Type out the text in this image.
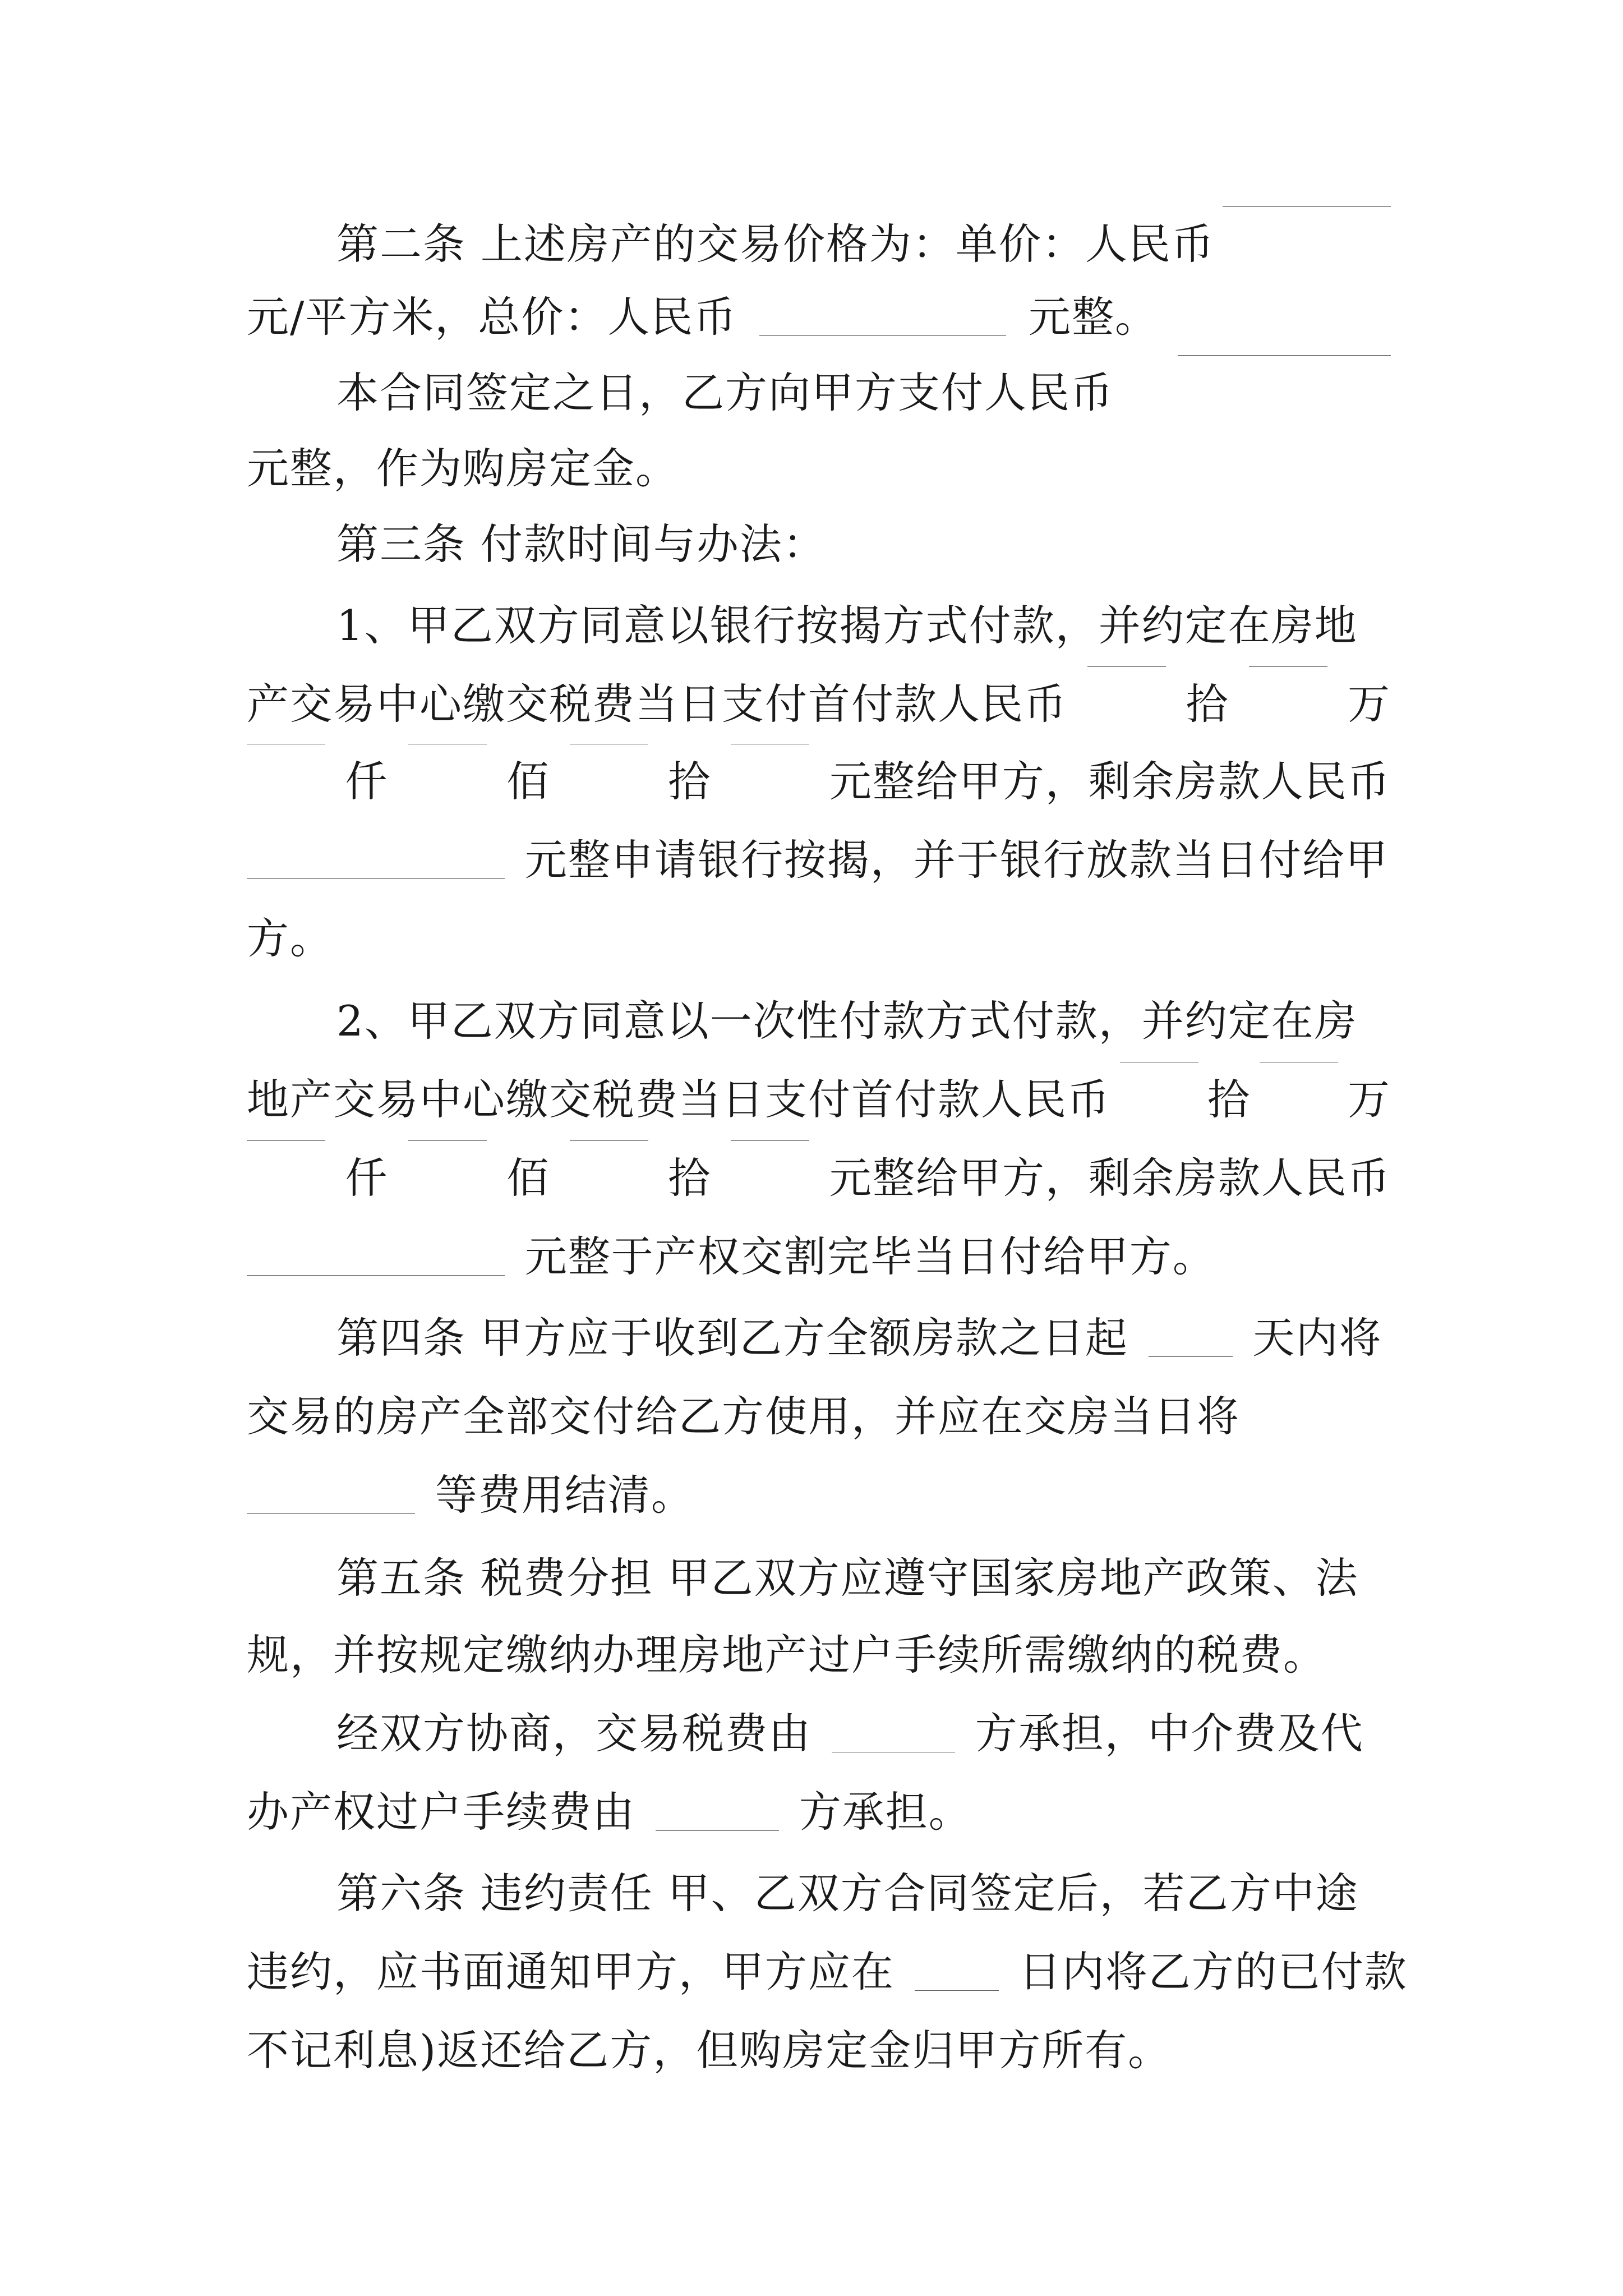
第二条 上述房产的交易价格为：单价：人民币
元/平方米，总价：人民币	元整。
本合同签定之日，乙方向甲方支付人民币
元整，作为购房定金。
第三条 付款时间与办法：
1、甲乙双方同意以银行按揭方式付款，并约定在房地
产交易中心缴交税费当日支付首付款人民币	拾	万
仟	佰	拾	元整给甲方，剩余房款人民币
元整申请银行按揭，并于银行放款当日付给甲
方。
2、甲乙双方同意以一次性付款方式付款，并约定在房
地产交易中心缴交税费当日支付首付款人民币 拾 万
仟	佰	拾	元整给甲方，剩余房款人民币
元整于产权交割完毕当日付给甲方。
第四条 甲方应于收到乙方全额房款之日起	天内将
交易的房产全部交付给乙方使用，并应在交房当日将
等费用结清。
第五条 税费分担 甲乙双方应遵守国家房地产政策、法
规，并按规定缴纳办理房地产过户手续所需缴纳的税费。
经双方协商，交易税费由	方承担，中介费及代
办产权过户手续费由	方承担。
第六条 违约责任 甲、乙双方合同签定后，若乙方中途
违约，应书面通知甲方，甲方应在	日内将乙方的已付款
不记利息)返还给乙方，但购房定金归甲方所有。
